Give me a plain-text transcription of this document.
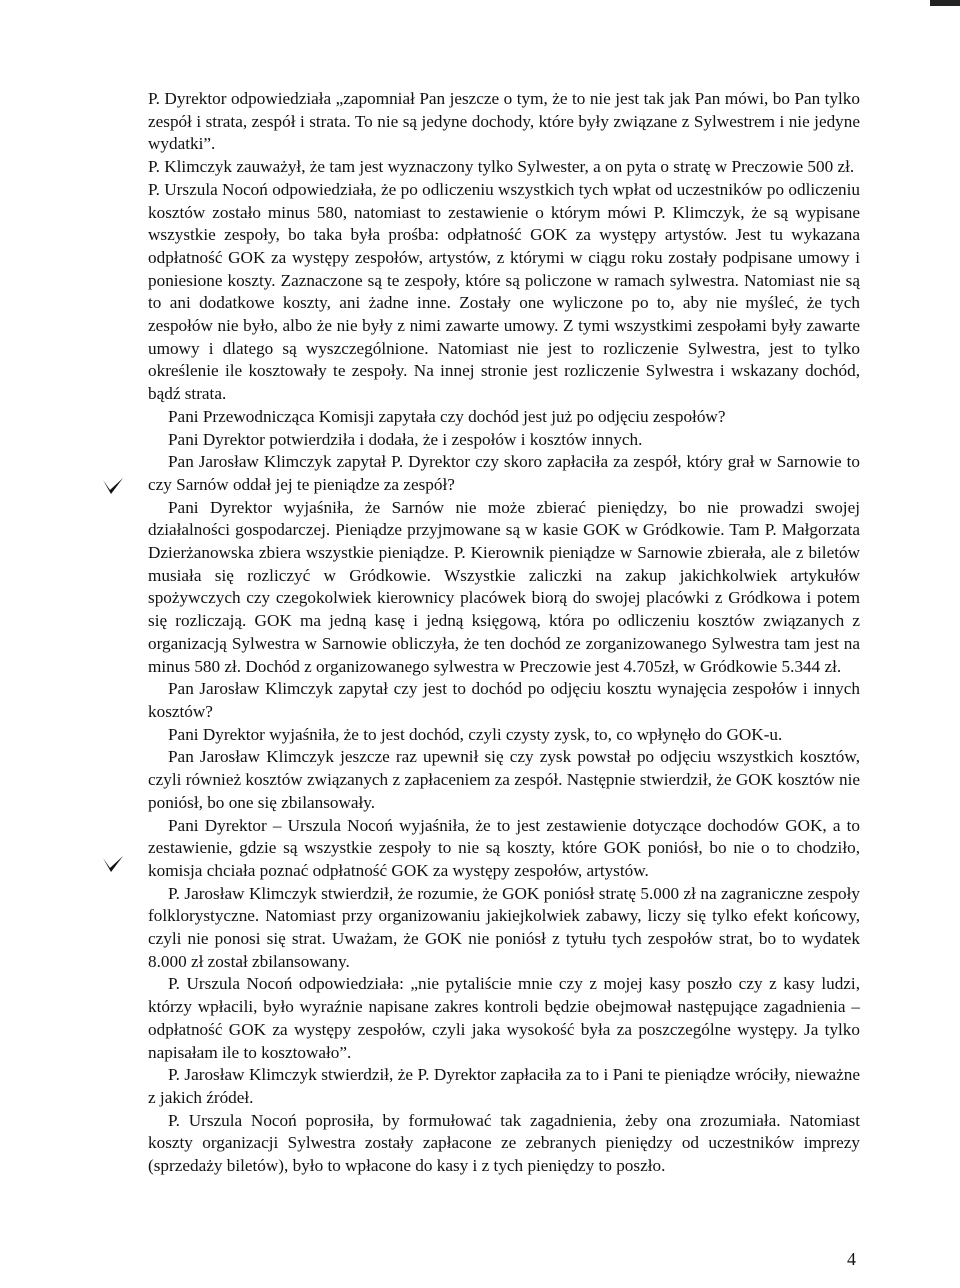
P. Dyrektor odpowiedziała „zapomniał Pan jeszcze o tym, że to nie jest tak jak Pan mówi, bo Pan tylko zespół i strata, zespół i strata. To nie są jedyne dochody, które były związane z Sylwestrem i nie jedyne wydatki”.

P. Klimczyk zauważył, że tam jest wyznaczony tylko Sylwester, a on pyta o stratę w Preczowie 500 zł.

P. Urszula Nocoń odpowiedziała, że po odliczeniu wszystkich tych wpłat od uczestników po odliczeniu kosztów zostało minus 580, natomiast to zestawienie o którym mówi P. Klimczyk, że są wypisane wszystkie zespoły, bo taka była prośba: odpłatność GOK za występy artystów. Jest tu wykazana odpłatność GOK za występy zespołów, artystów, z którymi w ciągu roku zostały podpisane umowy i poniesione koszty. Zaznaczone są te zespoły, które są policzone w ramach sylwestra. Natomiast nie są to ani dodatkowe koszty, ani żadne inne. Zostały one wyliczone po to, aby nie myśleć, że tych zespołów nie było, albo że nie były z nimi zawarte umowy. Z tymi wszystkimi zespołami były zawarte umowy i dlatego są wyszczególnione. Natomiast nie jest to rozliczenie Sylwestra, jest to tylko określenie ile kosztowały te zespoły. Na innej stronie jest rozliczenie Sylwestra i wskazany dochód, bądź strata.

Pani Przewodnicząca Komisji zapytała czy dochód jest już po odjęciu zespołów?

Pani Dyrektor potwierdziła i dodała, że i zespołów i kosztów innych.

Pan Jarosław Klimczyk zapytał P. Dyrektor czy skoro zapłaciła za zespół, który grał w Sarnowie to czy Sarnów oddał jej te pieniądze za zespół?

Pani Dyrektor wyjaśniła, że Sarnów nie może zbierać pieniędzy, bo nie prowadzi swojej działalności gospodarczej. Pieniądze przyjmowane są w kasie GOK w Gródkowie. Tam P. Małgorzata Dzierżanowska zbiera wszystkie pieniądze. P. Kierownik pieniądze w Sarnowie zbierała, ale z biletów musiała się rozliczyć w Gródkowie. Wszystkie zaliczki na zakup jakichkolwiek artykułów spożywczych czy czegokolwiek kierownicy placówek biorą do swojej placówki z Gródkowa i potem się rozliczają. GOK ma jedną kasę i jedną księgową, która po odliczeniu kosztów związanych z organizacją Sylwestra w Sarnowie obliczyła, że ten dochód ze zorganizowanego Sylwestra tam jest na minus 580 zł. Dochód z organizowanego sylwestra w Preczowie jest 4.705zł, w Gródkowie 5.344 zł.

Pan Jarosław Klimczyk zapytał czy jest to dochód po odjęciu kosztu wynajęcia zespołów i innych kosztów?

Pani Dyrektor wyjaśniła, że to jest dochód, czyli czysty zysk, to, co wpłynęło do GOK-u.

Pan Jarosław Klimczyk jeszcze raz upewnił się czy zysk powstał po odjęciu wszystkich kosztów, czyli również kosztów związanych z zapłaceniem za zespół. Następnie stwierdził, że GOK kosztów nie poniósł, bo one się zbilansowały.

Pani Dyrektor – Urszula Nocoń wyjaśniła, że to jest zestawienie dotyczące dochodów GOK, a to zestawienie, gdzie są wszystkie zespoły to nie są koszty, które GOK poniósł, bo nie o to chodziło, komisja chciała poznać odpłatność GOK za występy zespołów, artystów.

P. Jarosław Klimczyk stwierdził, że rozumie, że GOK poniósł stratę 5.000 zł na zagraniczne zespoły folklorystyczne. Natomiast przy organizowaniu jakiejkolwiek zabawy, liczy się tylko efekt końcowy, czyli nie ponosi się strat. Uważam, że GOK nie poniósł z tytułu tych zespołów strat, bo to wydatek 8.000 zł został zbilansowany.

P. Urszula Nocoń odpowiedziała: „nie pytaliście mnie czy z mojej kasy poszło czy z kasy ludzi, którzy wpłacili, było wyraźnie napisane zakres kontroli będzie obejmował następujące zagadnienia – odpłatność GOK za występy zespołów, czyli jaka wysokość była za poszczególne występy. Ja tylko napisałam ile to kosztowało”.

P. Jarosław Klimczyk stwierdził, że P. Dyrektor zapłaciła za to i Pani te pieniądze wróciły, nieważne z jakich źródeł.

P. Urszula Nocoń poprosiła, by formułować tak zagadnienia, żeby ona zrozumiała. Natomiast koszty organizacji Sylwestra zostały zapłacone ze zebranych pieniędzy od uczestników imprezy (sprzedaży biletów), było to wpłacone do kasy i z tych pieniędzy to poszło.

4
